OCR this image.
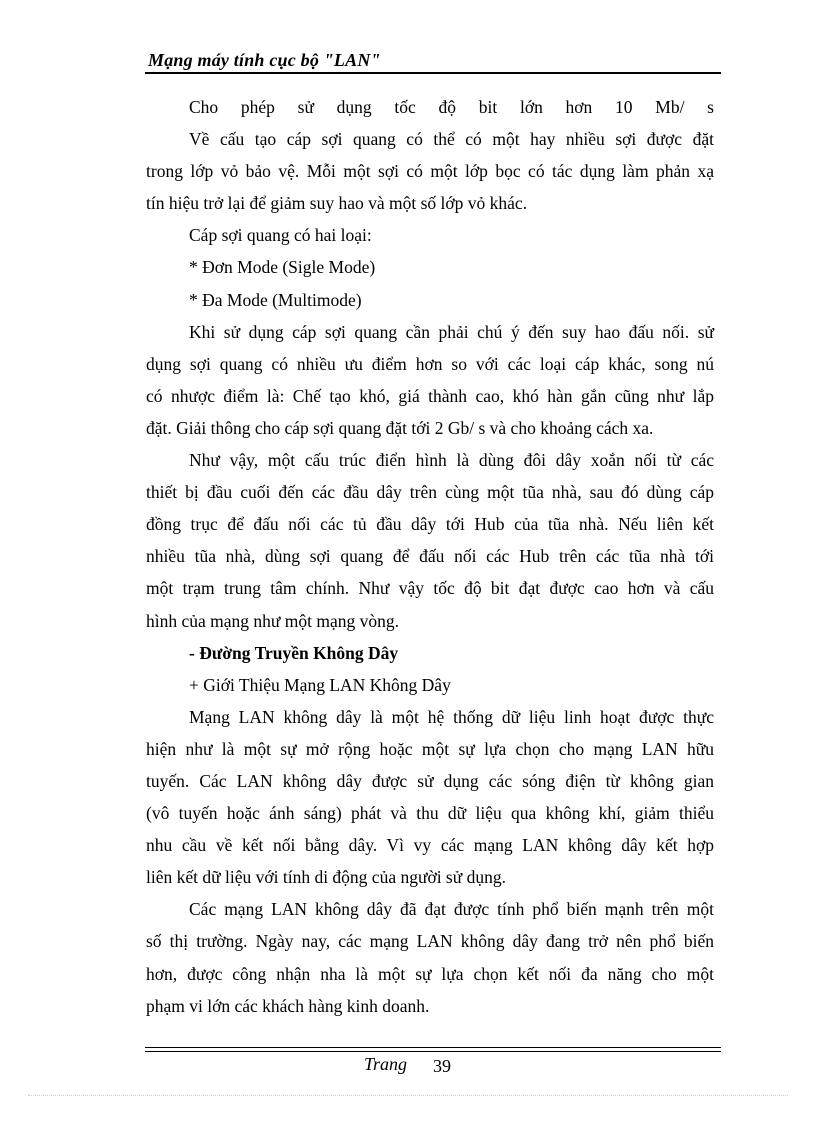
Mạng máy tính cục bộ "LAN"
Cho phép sử dụng tốc độ bit lớn hơn 10 Mb/ s
Về cấu tạo cáp sợi quang có thể có một hay nhiều sợi được đặt
trong lớp vỏ bảo vệ. Mỗi một sợi có một lớp bọc có tác dụng làm phản xạ
tín hiệu trở lại để giảm suy hao và một số lớp vỏ khác.
Cáp sợi quang có hai loại:
* Đơn Mode (Sigle Mode)
* Đa Mode (Multimode)
Khi sử dụng cáp sợi quang cần phải chú ý đến suy hao đấu nối. sử
dụng sợi quang có nhiều ưu điểm hơn so với các loại cáp khác, song nú
có nhược điểm là: Chế tạo khó, giá thành cao, khó hàn gắn cũng như lắp
đặt. Giải thông cho cáp sợi quang đặt tới 2 Gb/ s và cho khoảng cách xa.
Như vậy, một cấu trúc điển hình là dùng đôi dây xoắn nối từ các
thiết bị đầu cuối đến các đầu dây trên cùng một tũa nhà, sau đó dùng cáp
đồng trục để đấu nối các tủ đầu dây tới Hub của tũa nhà. Nếu liên kết
nhiều tũa nhà, dùng sợi quang để đấu nối các Hub trên các tũa nhà tới
một trạm trung tâm chính. Như vậy tốc độ bit đạt được cao hơn và cấu
hình của mạng như một mạng vòng.
- Đường Truyền Không Dây
+ Giới Thiệu Mạng LAN Không Dây
Mạng LAN không dây là một hệ thống dữ liệu linh hoạt được thực
hiện như là một sự mở rộng hoặc một sự lựa chọn cho mạng LAN hữu
tuyến. Các LAN không dây được sử dụng các sóng điện từ không gian
(vô tuyến hoặc ánh sáng) phát và thu dữ liệu qua không khí, giảm thiểu
nhu cầu về kết nối bằng dây. Vì vy các mạng LAN không dây kết hợp
liên kết dữ liệu với tính di động của người sử dụng.
Các mạng LAN không dây đã đạt được tính phổ biến mạnh trên một
số thị trường. Ngày nay, các mạng LAN không dây đang trở nên phổ biến
hơn, được công nhận nha là một sự lựa chọn kết nối đa năng cho một
phạm vi lớn các khách hàng kinh doanh.
Trang 39
